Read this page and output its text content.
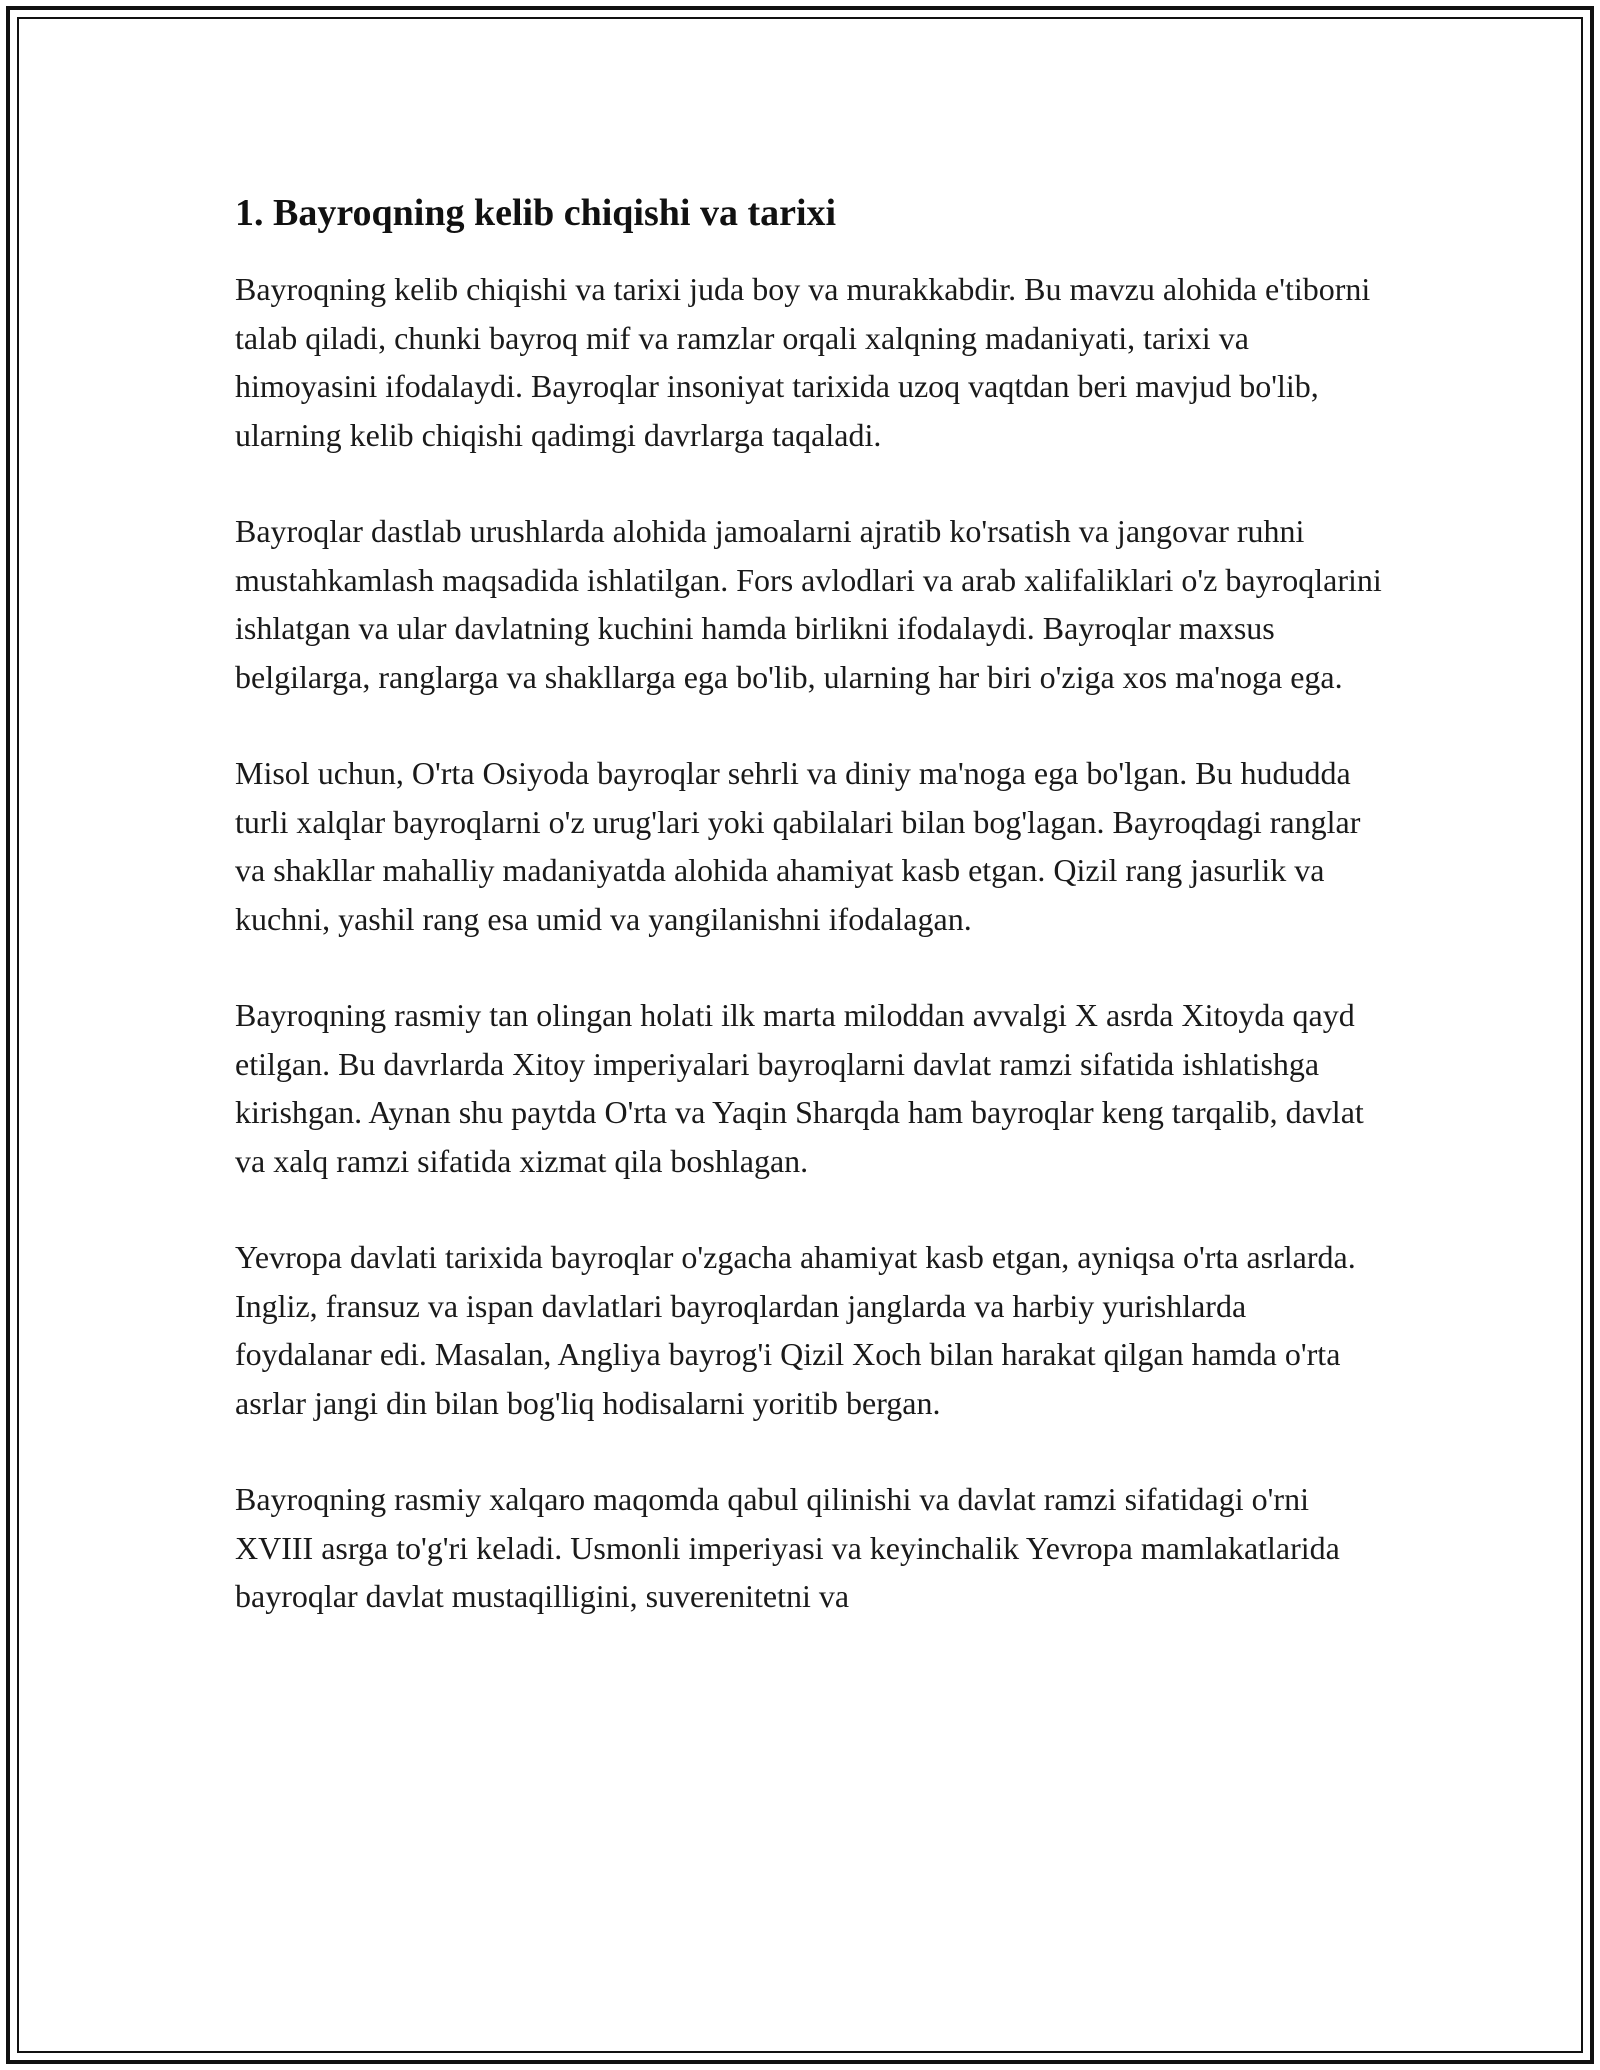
1. Bayroqning kelib chiqishi va tarixi

Bayroqning kelib chiqishi va tarixi juda boy va murakkabdir. Bu mavzu alohida e'tiborni talab qiladi, chunki bayroq mif va ramzlar orqali xalqning madaniyati, tarixi va himoyasini ifodalaydi. Bayroqlar insoniyat tarixida uzoq vaqtdan beri mavjud bo'lib, ularning kelib chiqishi qadimgi davrlarga taqaladi.

Bayroqlar dastlab urushlarda alohida jamoalarni ajratib ko'rsatish va jangovar ruhni mustahkamlash maqsadida ishlatilgan. Fors avlodlari va arab xalifaliklari o'z bayroqlarini ishlatgan va ular davlatning kuchini hamda birlikni ifodalaydi. Bayroqlar maxsus belgilarga, ranglarga va shakllarga ega bo'lib, ularning har biri o'ziga xos ma'noga ega.

Misol uchun, O'rta Osiyoda bayroqlar sehrli va diniy ma'noga ega bo'lgan. Bu hududda turli xalqlar bayroqlarni o'z urug'lari yoki qabilalari bilan bog'lagan. Bayroqdagi ranglar va shakllar mahalliy madaniyatda alohida ahamiyat kasb etgan. Qizil rang jasurlik va kuchni, yashil rang esa umid va yangilanishni ifodalagan.

Bayroqning rasmiy tan olingan holati ilk marta miloddan avvalgi X asrda Xitoyda qayd etilgan. Bu davrlarda Xitoy imperiyalari bayroqlarni davlat ramzi sifatida ishlatishga kirishgan. Aynan shu paytda O'rta va Yaqin Sharqda ham bayroqlar keng tarqalib, davlat va xalq ramzi sifatida xizmat qila boshlagan.

Yevropa davlati tarixida bayroqlar o'zgacha ahamiyat kasb etgan, ayniqsa o'rta asrlarda. Ingliz, fransuz va ispan davlatlari bayroqlardan janglarda va harbiy yurishlarda foydalanar edi. Masalan, Angliya bayrog'i Qizil Xoch bilan harakat qilgan hamda o'rta asrlar jangi din bilan bog'liq hodisalarni yoritib bergan.

Bayroqning rasmiy xalqaro maqomda qabul qilinishi va davlat ramzi sifatidagi o'rni XVIII asrga to'g'ri keladi. Usmonli imperiyasi va keyinchalik Yevropa mamlakatlarida bayroqlar davlat mustaqilligini, suverenitetni va
